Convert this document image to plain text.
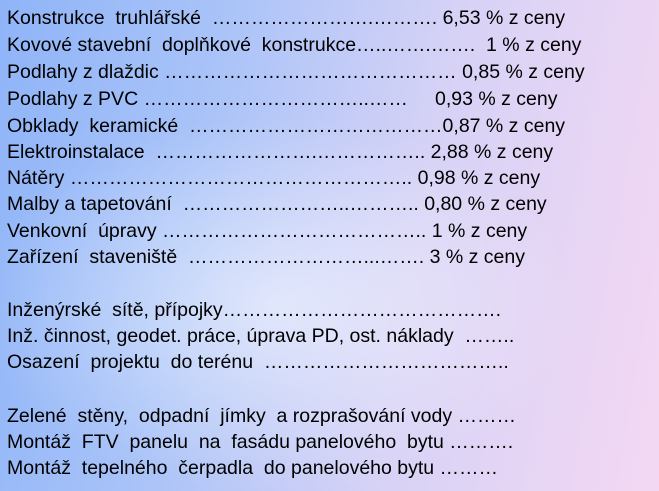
Konstrukce  truhlářské  …………………….………. 6,53 % z ceny
Kovové stavební  doplňkové  konstrukce…..…….…….  1 % z ceny
Podlahy z dlaždic ……………………………………… 0,85 % z ceny
Podlahy z PVC ……………………………..……     0,93 % z ceny
Obklady  keramické  …………………………………0,87 % z ceny
Elektroinstalace  …………………….…………….. 2,88 % z ceny
Nátěry …………………………………………….. 0,98 % z ceny
Malby a tapetování  ……………………..……….. 0,80 % z ceny
Venkovní  úpravy ………………………………….. 1 % z ceny
Zařízení  staveniště  ………………………...……. 3 % z ceny
Inženýrské  sítě, přípojky…………………………………….
Inž. činnost, geodet. práce, úprava PD, ost. náklady  ……..
Osazení  projektu  do terénu  ………………………………..
Zelené  stěny,  odpadní  jímky  a rozprašování vody ………
Montáž  FTV  panelu  na  fasádu panelového  bytu ……….
Montáž  tepelného  čerpadla  do panelového bytu ………
